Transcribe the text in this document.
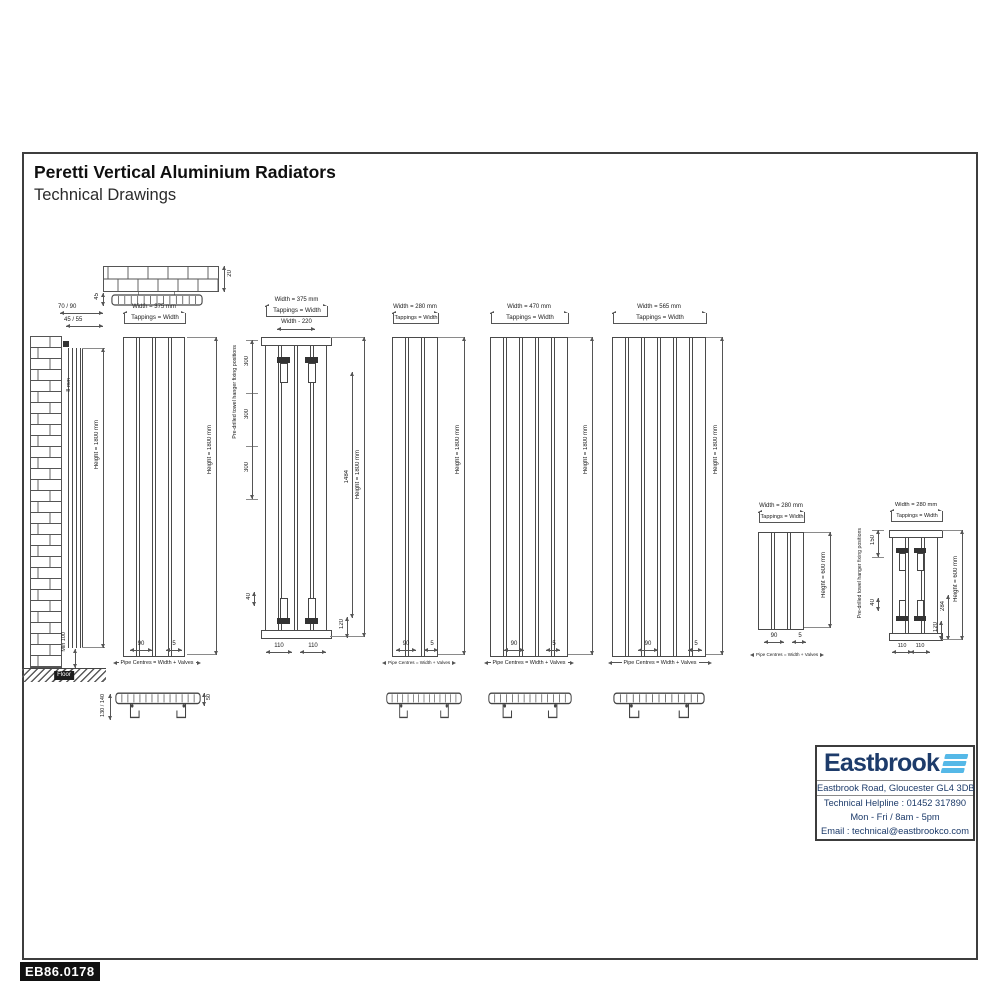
Peretti Vertical Aluminium Radiators
Technical Drawings
70 / 90
45 / 55
8 mm
Height = 1800 mm
Min 100
Floor
20
45
Width = 375 mm
Tappings = Width
Height = 1800 mm
90	5
Pipe Centres = Width + Valves
130 / 140	50
Width = 375 mm
Tappings = Width
Width - 220
Pre-drilled towel hanger fixing positions 300
300
300
1484 Height = 1800 mm
120
40
110	110
Width = 280 mm
Tappings = Width
Height = 1800 mm
90	5
Pipe Centres = Width + Valves
Width = 470 mm
Tappings = Width
Height = 1800 mm
90	5
Pipe Centres = Width + Valves
Width = 565 mm
Tappings = Width
Height = 1800 mm
90	5
Pipe Centres = Width + Valves
Width = 280 mm
Tappings = Width
Height = 600 mm
90	5
Pipe Centres = Width + Valves
Width = 280 mm
Tappings = Width
Pre-drilled towel hanger fixing positions 150
40	284
120
Height = 600 mm
110	110
Eastbrook
Eastbrook Road, Gloucester GL4 3DB
Technical Helpline : 01452 317890
Mon - Fri / 8am - 5pm
Email : technical@eastbrookco.com
EB86.0178
